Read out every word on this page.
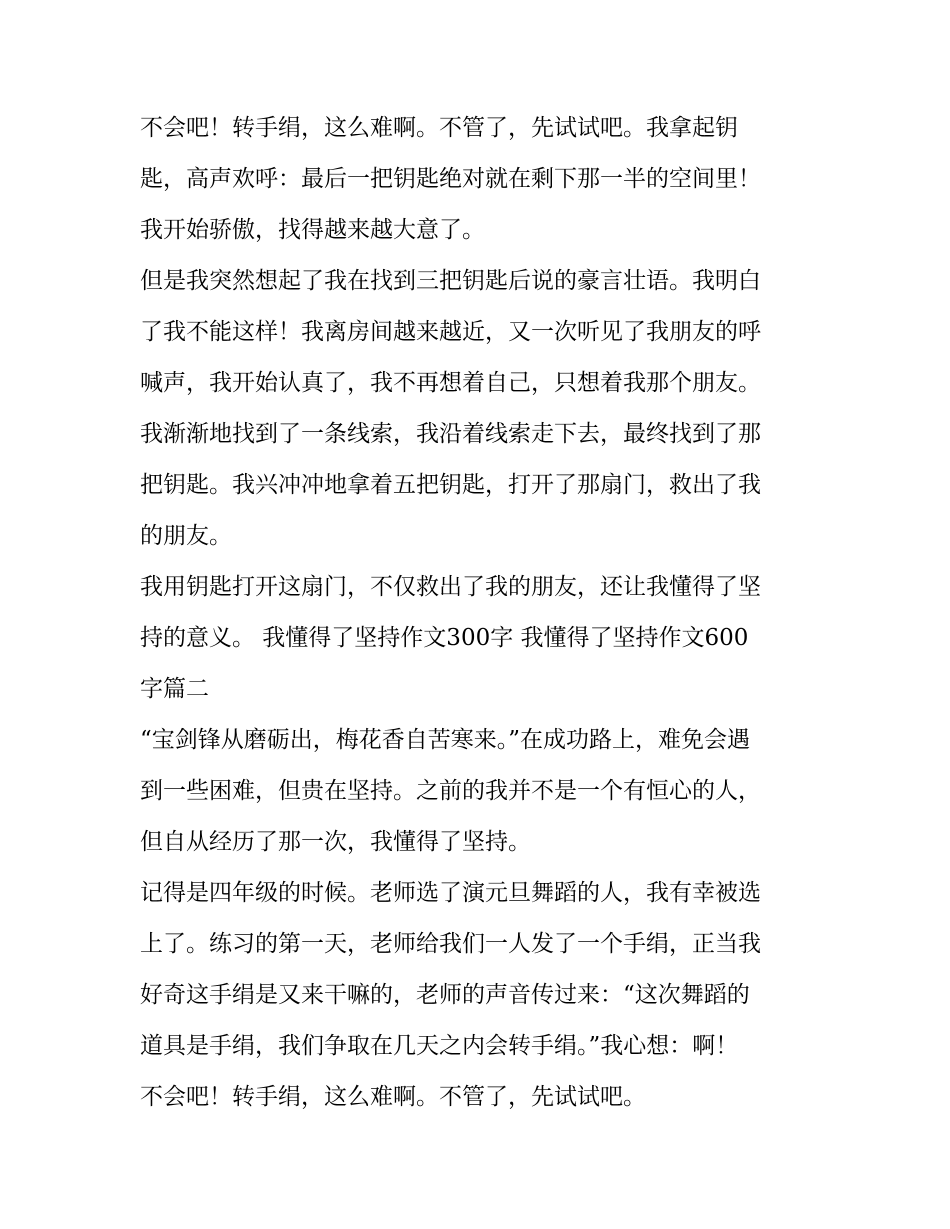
不会吧！转手绢，这么难啊。不管了，先试试吧。我拿起钥
匙，高声欢呼：最后一把钥匙绝对就在剩下那一半的空间里！
我开始骄傲，找得越来越大意了。
但是我突然想起了我在找到三把钥匙后说的豪言壮语。我明白
了我不能这样！我离房间越来越近，又一次听见了我朋友的呼
喊声，我开始认真了，我不再想着自己，只想着我那个朋友。
我渐渐地找到了一条线索，我沿着线索走下去，最终找到了那
把钥匙。我兴冲冲地拿着五把钥匙，打开了那扇门，救出了我
的朋友。
我用钥匙打开这扇门，不仅救出了我的朋友，还让我懂得了坚
持的意义。 我懂得了坚持作文300字 我懂得了坚持作文600
字篇二
“宝剑锋从磨砺出，梅花香自苦寒来。”在成功路上，难免会遇
到一些困难，但贵在坚持。之前的我并不是一个有恒心的人，
但自从经历了那一次，我懂得了坚持。
记得是四年级的时候。老师选了演元旦舞蹈的人，我有幸被选
上了。练习的第一天，老师给我们一人发了一个手绢，正当我
好奇这手绢是又来干嘛的，老师的声音传过来：“这次舞蹈的
道具是手绢，我们争取在几天之内会转手绢。”我心想：啊！
不会吧！转手绢，这么难啊。不管了，先试试吧。
